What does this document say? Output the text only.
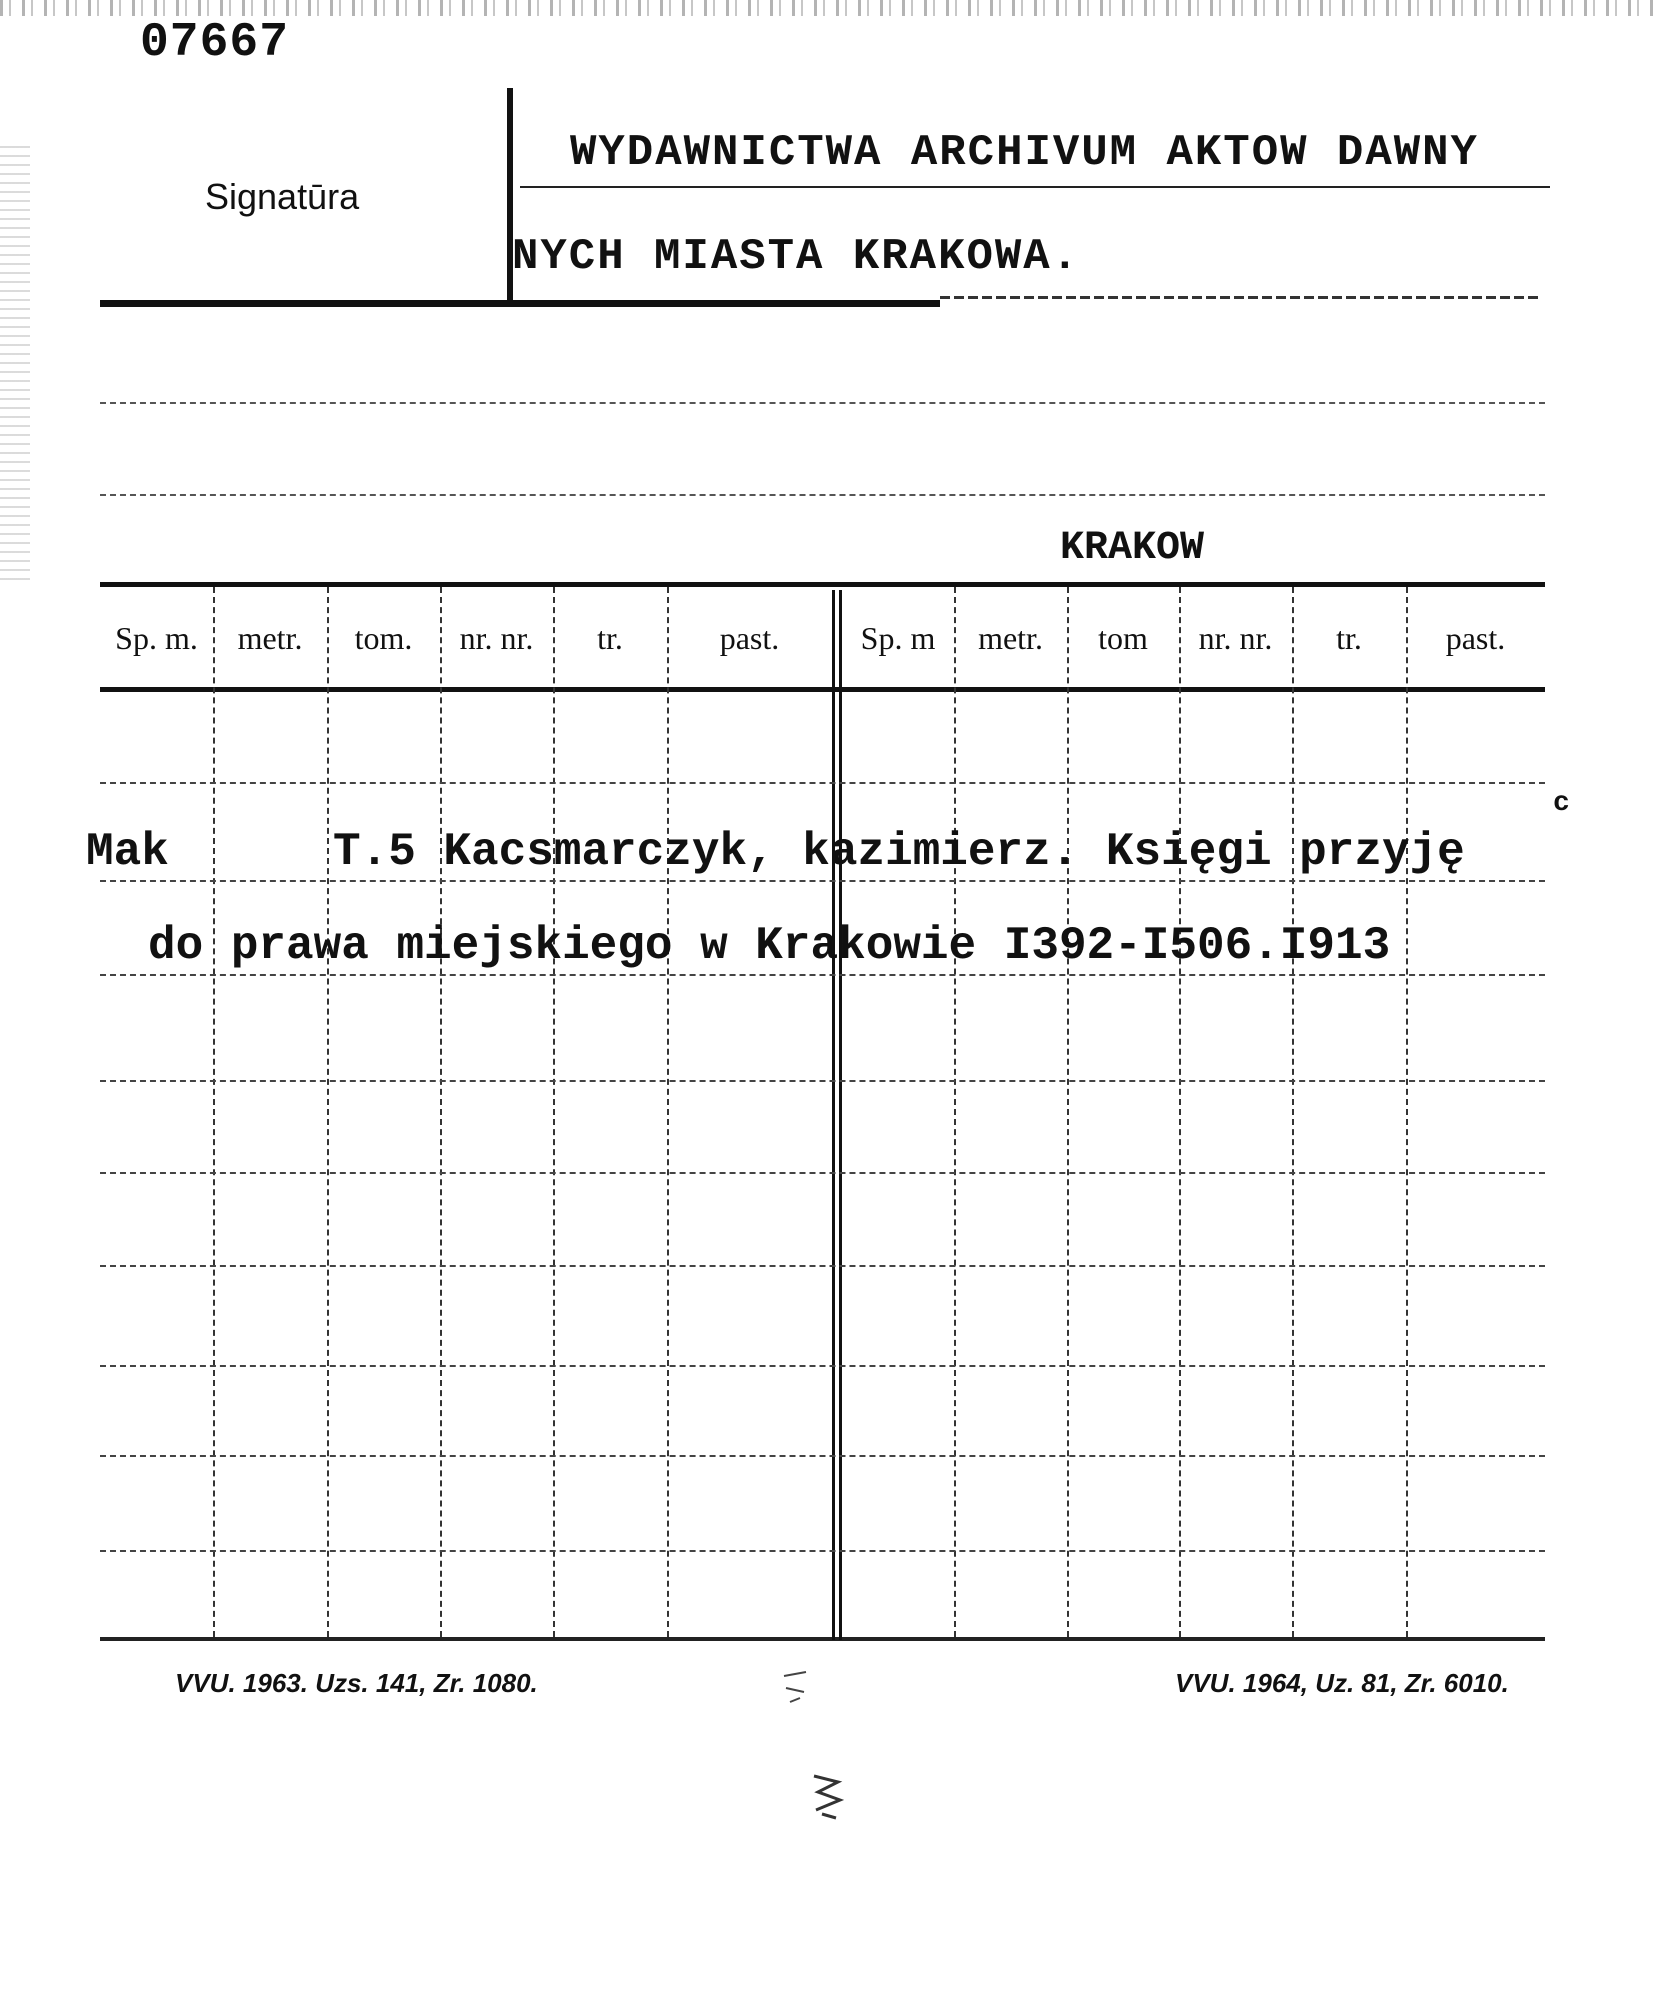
07667
Signatūra
WYDAWNICTWA ARCHIVUM AKTOW DAWNY
NYCH MIASTA KRAKOWA.
KRAKOW
Sp. m.	metr.	tom.	nr. nr.	tr.	past.	Sp. m	metr.	tom	nr. nr.	tr.	past.
Mak	T.5 Kacsmarczyk, kazimierz. Księgi przyję
c
do prawa miejskiego w Krakowie I392-I506.I913
VVU. 1963. Uzs. 141, Zr. 1080.	VVU. 1964, Uz. 81, Zr. 6010.
